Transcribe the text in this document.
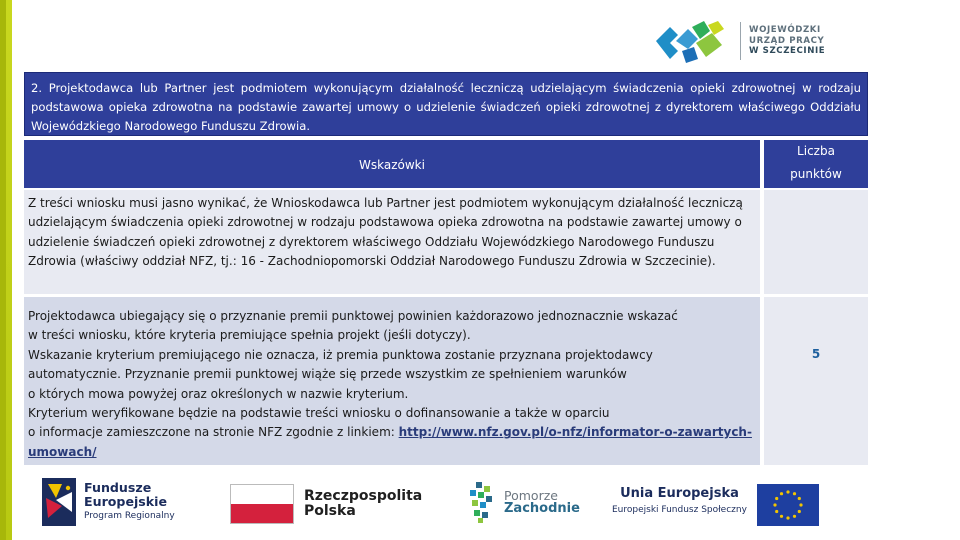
WOJEWÓDZKI
URZĄD PRACY
W SZCZECINIE
2. Projektodawca lub Partner jest podmiotem wykonującym działalność leczniczą udzielającym świadczenia opieki zdrowotnej w rodzaju podstawowa opieka zdrowotna na podstawie zawartej umowy o udzielenie świadczeń opieki zdrowotnej z dyrektorem właściwego Oddziału Wojewódzkiego Narodowego Funduszu Zdrowia.
Wskazówki
Liczba
punktów

Z treści wniosku musi jasno wynikać, że Wnioskodawca lub Partner jest podmiotem wykonującym działalność leczniczą udzielającym świadczenia opieki zdrowotnej w rodzaju podstawowa opieka zdrowotna na podstawie zawartej umowy o udzielenie świadczeń opieki zdrowotnej z dyrektorem właściwego Oddziału Wojewódzkiego Narodowego Funduszu Zdrowia (właściwy oddział NFZ, tj.: 16 - Zachodniopomorski Oddział Narodowego Funduszu Zdrowia w Szczecinie).

Projektodawca ubiegający się o przyznanie premii punktowej powinien każdorazowo jednoznacznie wskazać
w treści wniosku, które kryteria premiujące spełnia projekt (jeśli dotyczy).
Wskazanie kryterium premiującego nie oznacza, iż premia punktowa zostanie przyznana projektodawcy
automatycznie. Przyznanie premii punktowej wiąże się przede wszystkim ze spełnieniem warunków
o których mowa powyżej oraz określonych w nazwie kryterium.
Kryterium weryfikowane będzie na podstawie treści wniosku o dofinansowanie a także w oparciu
o informacje zamieszczone na stronie NFZ zgodnie z linkiem: http://www.nfz.gov.pl/o-nfz/informator-o-zawartych-umowach/
5
Fundusze
Europejskie
Program Regionalny
Rzeczpospolita
Polska
Pomorze
Zachodnie
Unia Europejska
Europejski Fundusz Społeczny
